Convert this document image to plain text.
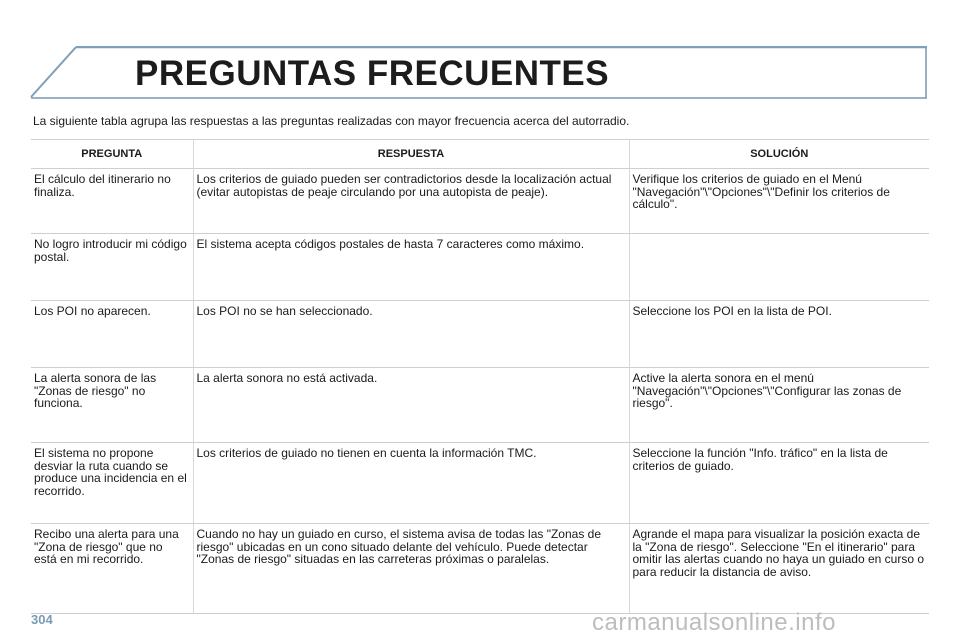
PREGUNTAS FRECUENTES

La siguiente tabla agrupa las respuestas a las preguntas realizadas con mayor frecuencia acerca del autorradio.

PREGUNTA	RESPUESTA	SOLUCIÓN
El cálculo del itinerario no finaliza.	Los criterios de guiado pueden ser contradictorios desde la localización actual (evitar autopistas de peaje circulando por una autopista de peaje).	Verifique los criterios de guiado en el Menú "Navegación"\"Opciones"\"Definir los criterios de cálculo".
No logro introducir mi código postal.	El sistema acepta códigos postales de hasta 7 caracteres como máximo.	
Los POI no aparecen.	Los POI no se han seleccionado.	Seleccione los POI en la lista de POI.
La alerta sonora de las "Zonas de riesgo" no funciona.	La alerta sonora no está activada.	Active la alerta sonora en el menú "Navegación"\"Opciones"\"Configurar las zonas de riesgo".
El sistema no propone desviar la ruta cuando se produce una incidencia en el recorrido.	Los criterios de guiado no tienen en cuenta la información TMC.	Seleccione la función "Info. tráfico" en la lista de criterios de guiado.
Recibo una alerta para una "Zona de riesgo" que no está en mi recorrido.	Cuando no hay un guiado en curso, el sistema avisa de todas las "Zonas de riesgo" ubicadas en un cono situado delante del vehículo. Puede detectar "Zonas de riesgo" situadas en las carreteras próximas o paralelas.	Agrande el mapa para visualizar la posición exacta de la "Zona de riesgo". Seleccione "En el itinerario" para omitir las alertas cuando no haya un guiado en curso o para reducir la distancia de aviso.

304	carmanualsonline.info
